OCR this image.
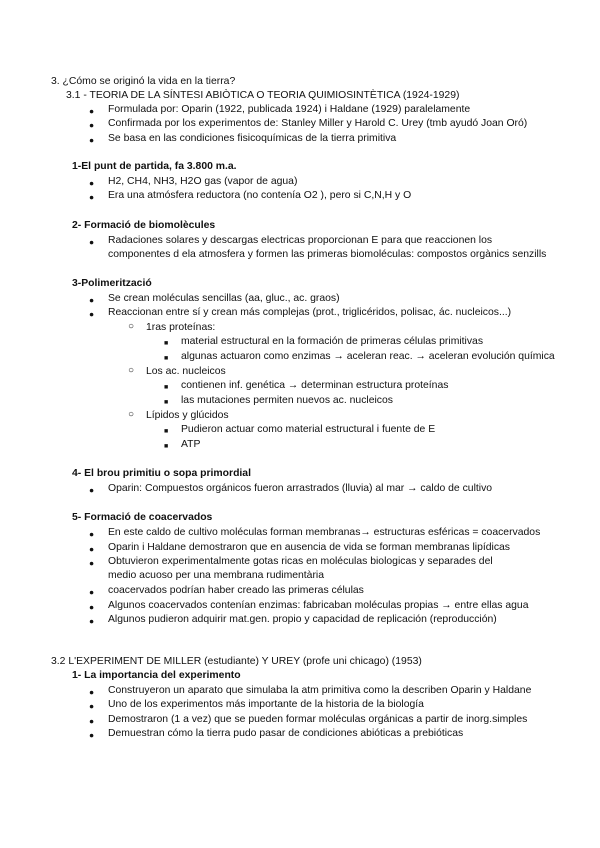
3. ¿Cómo se originó la vida en la tierra?
3.1 - TEORIA DE LA SÍNTESI ABIÒTICA O TEORIA QUIMIOSINTÈTICA (1924-1929)
● Formulada por: Oparin (1922, publicada 1924) i Haldane (1929) paralelamente
● Confirmada por los experimentos de: Stanley Miller y Harold C. Urey (tmb ayudó Joan Oró)
● Se basa en las condiciones fisicoquímicas de la tierra primitiva
1-El punt de partida, fa 3.800 m.a.
● H2, CH4, NH3, H2O gas (vapor de agua)
● Era una atmósfera reductora (no contenía O2 ), pero si C,N,H y O
2- Formació de biomolècules
● Radaciones solares y descargas electricas proporcionan E para que reaccionen los
componentes d ela atmosfera y formen las primeras biomoléculas: compostos orgànics senzills
3-Polimerització
● Se crean moléculas sencillas (aa, gluc., ac. graos)
● Reaccionan entre sí y crean más complejas (prot., triglicéridos, polisac, ác. nucleicos...)
○ 1ras proteínas:
■ material estructural en la formación de primeras células primitivas
■ algunas actuaron como enzimas → aceleran reac. → aceleran evolución química
○ Los ac. nucleicos
■ contienen inf. genética → determinan estructura proteínas
■ las mutaciones permiten nuevos ac. nucleicos
○ Lípidos y glúcidos
■ Pudieron actuar como material estructural i fuente de E
■ ATP
4- El brou primitiu o sopa primordial
● Oparin: Compuestos orgánicos fueron arrastrados (lluvia) al mar → caldo de cultivo
5- Formació de coacervados
● En este caldo de cultivo moléculas forman membranas→ estructuras esféricas = coacervados
● Oparin i Haldane demostraron que en ausencia de vida se forman membranas lipídicas
● Obtuvieron experimentalmente gotas ricas en moléculas biologicas y separades del
medio acuoso per una membrana rudimentària
● coacervados podrían haber creado las primeras células
● Algunos coacervados contenían enzimas: fabricaban moléculas propias → entre ellas agua
● Algunos pudieron adquirir mat.gen. propio y capacidad de replicación (reproducción)
3.2 L'EXPERIMENT DE MILLER (estudiante) Y UREY (profe uni chicago) (1953)
1- La importancia del experimento
● Construyeron un aparato que simulaba la atm primitiva como la describen Oparin y Haldane
● Uno de los experimentos más importante de la historia de la biología
● Demostraron (1 a vez) que se pueden formar moléculas orgánicas a partir de inorg.simples
● Demuestran cómo la tierra pudo pasar de condiciones abióticas a prebióticas
